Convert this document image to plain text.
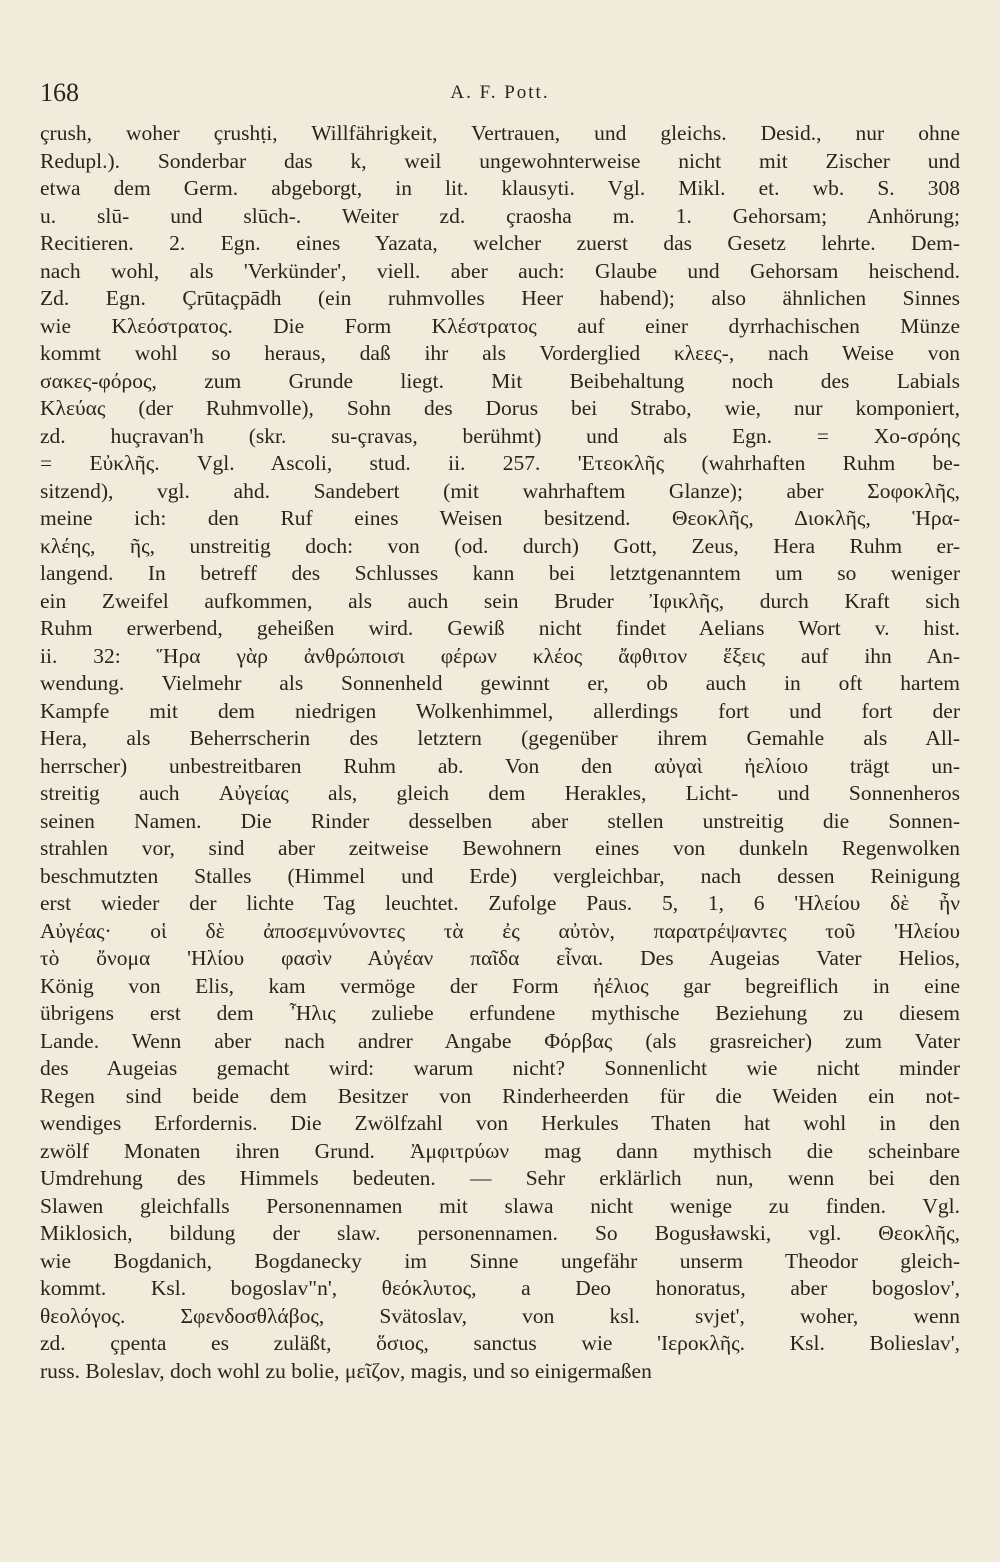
168	A. F. Pott.
çrush, woher çrushṭi, Willfährigkeit, Vertrauen, und gleichs. Desid., nur ohne
Redupl.). Sonderbar das k, weil ungewohnterweise nicht mit Zischer und
etwa dem Germ. abgeborgt, in lit. klausyti. Vgl. Mikl. et. wb. S. 308
u. slū- und slūch-. Weiter zd. çraosha m. 1. Gehorsam; Anhörung;
Recitieren. 2. Egn. eines Yazata, welcher zuerst das Gesetz lehrte. Dem-
nach wohl, als 'Verkünder', viell. aber auch: Glaube und Gehorsam heischend.
Zd. Egn. Çrūtaçpādh (ein ruhmvolles Heer habend); also ähnlichen Sinnes
wie Κλεόστρατος. Die Form Κλέστρατος auf einer dyrrhachischen Münze
kommt wohl so heraus, daß ihr als Vorderglied κλεες-, nach Weise von
σακες-φόρος, zum Grunde liegt. Mit Beibehaltung noch des Labials
Κλεύας (der Ruhmvolle), Sohn des Dorus bei Strabo, wie, nur komponiert,
zd. huçravan'h (skr. su-çravas, berühmt) und als Egn. = Χο-σρόης
= Εὐκλῆς. Vgl. Ascoli, stud. ii. 257. 'Ετεοκλῆς (wahrhaften Ruhm be-
sitzend), vgl. ahd. Sandebert (mit wahrhaftem Glanze); aber Σοφοκλῆς,
meine ich: den Ruf eines Weisen besitzend. Θεοκλῆς, Διοκλῆς, Ἡρα-
κλέης, ῆς, unstreitig doch: von (od. durch) Gott, Zeus, Hera Ruhm er-
langend. In betreff des Schlusses kann bei letztgenanntem um so weniger
ein Zweifel aufkommen, als auch sein Bruder Ἰφικλῆς, durch Kraft sich
Ruhm erwerbend, geheißen wird. Gewiß nicht findet Aelians Wort v. hist.
ii. 32: Ἥρα γὰρ ἀνθρώποισι φέρων κλέος ἄφθιτον ἕξεις auf ihn An-
wendung. Vielmehr als Sonnenheld gewinnt er, ob auch in oft hartem
Kampfe mit dem niedrigen Wolkenhimmel, allerdings fort und fort der
Hera, als Beherrscherin des letztern (gegenüber ihrem Gemahle als All-
herrscher) unbestreitbaren Ruhm ab. Von den αὐγαὶ ἠελίοιο trägt un-
streitig auch Αὐγείας als, gleich dem Herakles, Licht- und Sonnenheros
seinen Namen. Die Rinder desselben aber stellen unstreitig die Sonnen-
strahlen vor, sind aber zeitweise Bewohnern eines von dunkeln Regenwolken
beschmutzten Stalles (Himmel und Erde) vergleichbar, nach dessen Reinigung
erst wieder der lichte Tag leuchtet. Zufolge Paus. 5, 1, 6 'Ηλείου δὲ ἦν
Αὐγέας· οἱ δὲ ἀποσεμνύνοντες τὰ ἐς αὐτὸν, παρατρέψαντες τοῦ 'Ηλείου
τὸ ὄνομα 'Ηλίου φασὶν Αὐγέαν παῖδα εἶναι. Des Augeias Vater Helios,
König von Elis, kam vermöge der Form ἠέλιος gar begreiflich in eine
übrigens erst dem Ἦλις zuliebe erfundene mythische Beziehung zu diesem
Lande. Wenn aber nach andrer Angabe Φόρβας (als grasreicher) zum Vater
des Augeias gemacht wird: warum nicht? Sonnenlicht wie nicht minder
Regen sind beide dem Besitzer von Rinderheerden für die Weiden ein not-
wendiges Erfordernis. Die Zwölfzahl von Herkules Thaten hat wohl in den
zwölf Monaten ihren Grund. Ἀμφιτρύων mag dann mythisch die scheinbare
Umdrehung des Himmels bedeuten. — Sehr erklärlich nun, wenn bei den
Slawen gleichfalls Personennamen mit slawa nicht wenige zu finden. Vgl.
Miklosich, bildung der slaw. personennamen. So Bogusławski, vgl. Θεοκλῆς,
wie Bogdanich, Bogdanecky im Sinne ungefähr unserm Theodor gleich-
kommt. Ksl. bogoslav"n', θεόκλυτος, a Deo honoratus, aber bogoslov',
θεολόγος. Σφενδοσθλάβος, Svätoslav, von ksl. svjet', woher, wenn
zd. çpenta es zuläßt, ὅσιος, sanctus wie 'Ιεροκλῆς. Ksl. Bolieslav',
russ. Boleslav, doch wohl zu bolie, μεῖζον, magis, und so einigermaßen
